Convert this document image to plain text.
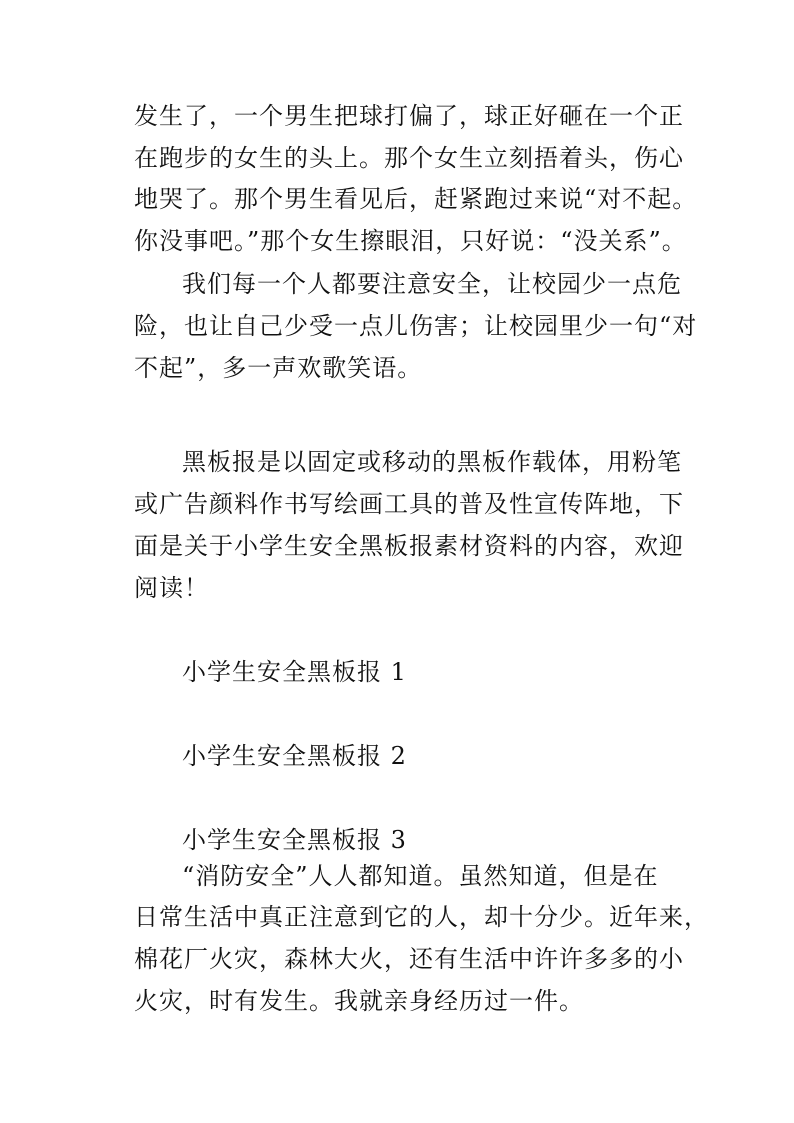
发生了，一个男生把球打偏了，球正好砸在一个正
在跑步的女生的头上。那个女生立刻捂着头，伤心
地哭了。那个男生看见后，赶紧跑过来说“对不起。
你没事吧。”那个女生擦眼泪，只好说：“没关系”。
我们每一个人都要注意安全，让校园少一点危
险，也让自己少受一点儿伤害；让校园里少一句“对
不起”，多一声欢歌笑语。
黑板报是以固定或移动的黑板作载体，用粉笔
或广告颜料作书写绘画工具的普及性宣传阵地，下
面是关于小学生安全黑板报素材资料的内容，欢迎
阅读！
小学生安全黑板报 1
小学生安全黑板报 2
小学生安全黑板报 3
“消防安全”人人都知道。虽然知道，但是在
日常生活中真正注意到它的人，却十分少。近年来，
棉花厂火灾，森林大火，还有生活中许许多多的小
火灾，时有发生。我就亲身经历过一件。
